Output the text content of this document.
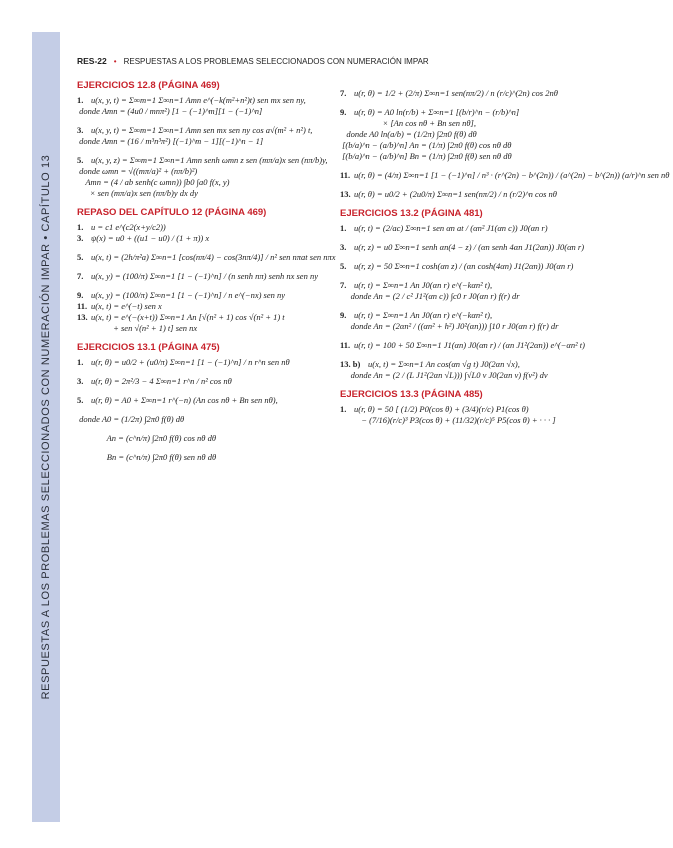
RESPUESTAS A LOS PROBLEMAS SELECCIONADOS CON NUMERACIÓN IMPAR • CAPÍTULO 13
RES-22 • RESPUESTAS A LOS PROBLEMAS SELECCIONADOS CON NUMERACIÓN IMPAR
EJERCICIOS 12.8 (PÁGINA 469)
1. u(x, y, t) = Σ∞m=1 Σ∞n=1 Amn e^(−k(m²+n²)t) sen mx sen ny,
donde Amn = (4u0 / mnπ²) [1 − (−1)^m][1 − (−1)^n]
3. u(x, y, t) = Σ∞m=1 Σ∞n=1 Amn sen mx sen ny cos a√(m² + n²) t,
donde Amn = (16 / m³n³π²) [(−1)^m − 1][(−1)^n − 1]
5. u(x, y, z) = Σ∞m=1 Σ∞n=1 Amn senh ωmn z sen (mπ/a)x sen (nπ/b)y,
donde ωmn = √((mπ/a)² + (nπ/b)²)
Amn = (4 / ab senh(c ωmn)) ∫b0 ∫a0 f(x, y)
× sen (mπ/a)x sen (nπ/b)y dx dy
REPASO DEL CAPÍTULO 12 (PÁGINA 469)
1. u = c1 e^(c2(x+y/c2))
3. ψ(x) = u0 + ((u1 − u0) / (1 + π)) x
5. u(x, t) = (2h/π²a) Σ∞n=1 [cos(nπ/4) − cos(3nπ/4)] / n² sen nπat sen nπx
7. u(x, y) = (100/π) Σ∞n=1 [1 − (−1)^n] / (n senh nπ) senh nx sen ny
9. u(x, y) = (100/π) Σ∞n=1 [1 − (−1)^n] / n e^(−nx) sen ny
11. u(x, t) = e^(−t) sen x
13. u(x, t) = e^(−(x+t)) Σ∞n=1 An [√(n² + 1) cos √(n² + 1) t
+ sen √(n² + 1) t] sen nx
EJERCICIOS 13.1 (PÁGINA 475)
1. u(r, θ) = u0/2 + (u0/π) Σ∞n=1 [1 − (−1)^n] / n r^n sen nθ
3. u(r, θ) = 2π²/3 − 4 Σ∞n=1 r^n / n² cos nθ
5. u(r, θ) = A0 + Σ∞n=1 r^(−n) (An cos nθ + Bn sen nθ),
donde A0 = (1/2π) ∫2π0 f(θ) dθ
An = (c^n/π) ∫2π0 f(θ) cos nθ dθ
Bn = (c^n/π) ∫2π0 f(θ) sen nθ dθ
7. u(r, θ) = 1/2 + (2/π) Σ∞n=1 sen(nπ/2) / n (r/c)^(2n) cos 2nθ
9. u(r, θ) = A0 ln(r/b) + Σ∞n=1 [(b/r)^n − (r/b)^n]
× [An cos nθ + Bn sen nθ],
donde A0 ln(a/b) = (1/2π) ∫2π0 f(θ) dθ
[(b/a)^n − (a/b)^n] An = (1/π) ∫2π0 f(θ) cos nθ dθ
[(b/a)^n − (a/b)^n] Bn = (1/π) ∫2π0 f(θ) sen nθ dθ
11. u(r, θ) = (4/π) Σ∞n=1 [1 − (−1)^n] / n³ · (r^(2n) − b^(2n)) / (a^(2n) − b^(2n)) (a/r)^n sen nθ
13. u(r, θ) = u0/2 + (2u0/π) Σ∞n=1 sen(nπ/2) / n (r/2)^n cos nθ
EJERCICIOS 13.2 (PÁGINA 481)
1. u(r, t) = (2/ac) Σ∞n=1 sen αn at / (αn² J1(αn c)) J0(αn r)
3. u(r, z) = u0 Σ∞n=1 senh αn(4 − z) / (αn senh 4αn J1(2αn)) J0(αn r)
5. u(r, z) = 50 Σ∞n=1 cosh(αn z) / (αn cosh(4αn) J1(2αn)) J0(αn r)
7. u(r, t) = Σ∞n=1 An J0(αn r) e^(−kαn² t),
donde An = (2 / c² J1²(αn c)) ∫c0 r J0(αn r) f(r) dr
9. u(r, t) = Σ∞n=1 An J0(αn r) e^(−kαn² t),
donde An = (2αn² / ((αn² + h²) J0²(αn))) ∫10 r J0(αn r) f(r) dr
11. u(r, t) = 100 + 50 Σ∞n=1 J1(αn) J0(αn r) / (αn J1²(2αn)) e^(−αn² t)
13. b) u(x, t) = Σ∞n=1 An cos(αn √g t) J0(2αn √x),
donde An = (2 / (L J1²(2αn √L))) ∫√L0 v J0(2αn v) f(v²) dv
EJERCICIOS 13.3 (PÁGINA 485)
1. u(r, θ) = 50 [ (1/2) P0(cos θ) + (3/4)(r/c) P1(cos θ)
− (7/16)(r/c)³ P3(cos θ) + (11/32)(r/c)⁵ P5(cos θ) + · · · ]
